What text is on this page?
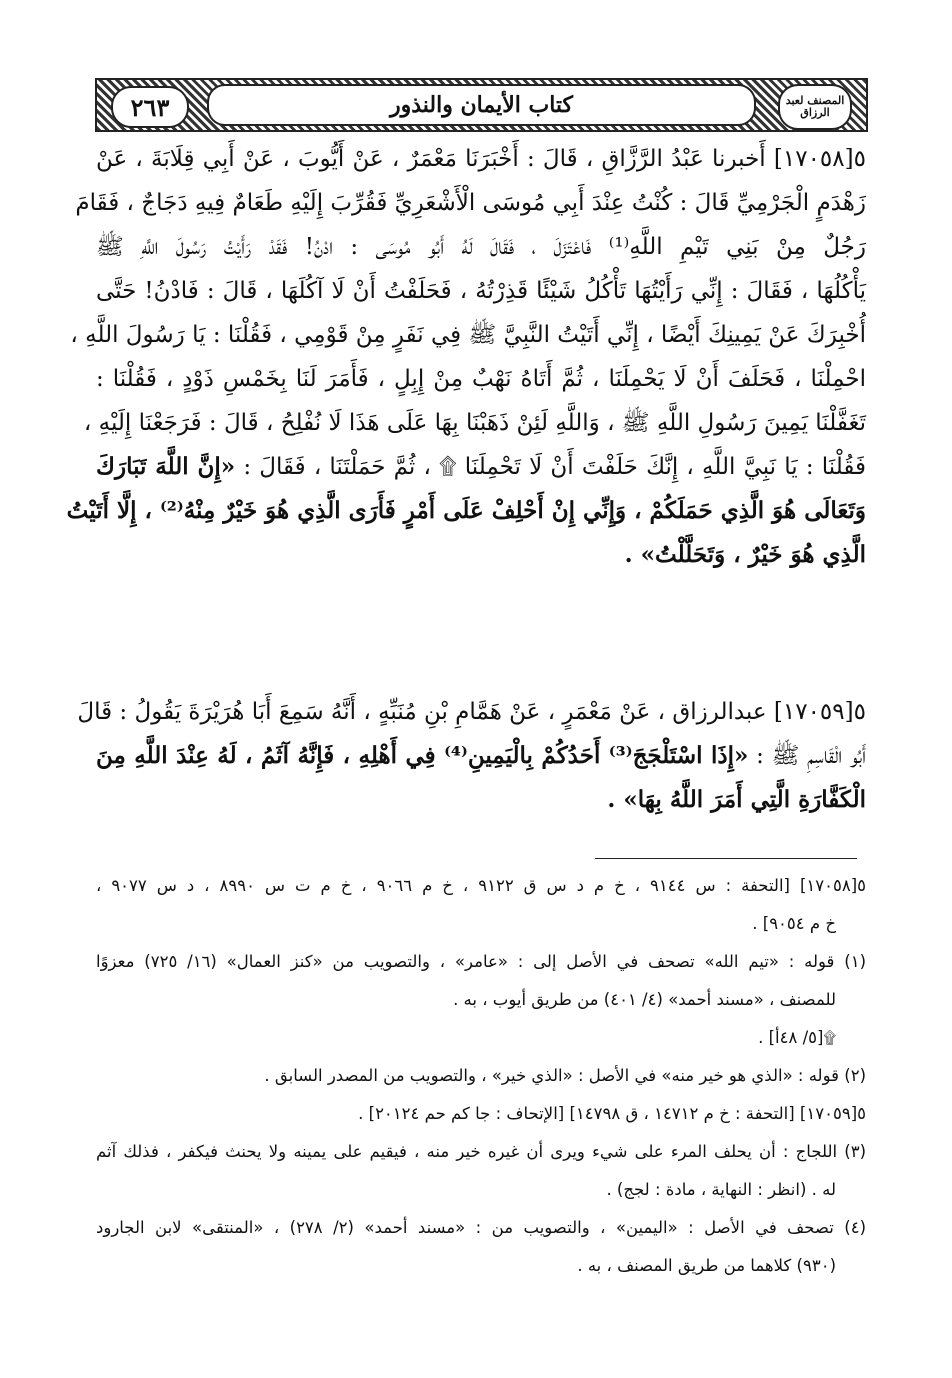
٢٦٣	كتاب الأيمان والنذور	المصنف لعبد الرزاق
٥[١٧٠٥٨] أَخبرنا عَبْدُ الرَّزَّاقِ ، قَالَ : أَخْبَرَنَا مَعْمَرٌ ، عَنْ أَيُّوبَ ، عَنْ أَبِي قِلَابَةَ ، عَنْ
زَهْدَمٍ الْجَرْمِيِّ قَالَ : كُنْتُ عِنْدَ أَبِي مُوسَى الْأَشْعَرِيِّ فَقُرِّبَ إِلَيْهِ طَعَامٌ فِيهِ دَجَاجٌ ، فَقَامَ
رَجُلٌ مِنْ بَنِي تَيْمِ اللَّهِ⁽¹⁾ فَاعْتَزَلَ ، فَقَالَ لَهُ أَبُو مُوسَى : ادْنُ! فَقَدْ رَأَيْتُ رَسُولَ اللَّهِ ﷺ
يَأْكُلُهَا ، فَقَالَ : إِنِّي رَأَيْتُهَا تَأْكُلُ شَيْئًا قَذِرْتُهُ ، فَحَلَفْتُ أَنْ لَا آكُلَهَا ، قَالَ : فَادْنُ! حَتَّى
أُخْبِرَكَ عَنْ يَمِينِكَ أَيْضًا ، إِنِّي أَتَيْتُ النَّبِيَّ ﷺ فِي نَفَرٍ مِنْ قَوْمِي ، فَقُلْنَا : يَا رَسُولَ اللَّهِ ،
احْمِلْنَا ، فَحَلَفَ أَنْ لَا يَحْمِلَنَا ، ثُمَّ أَتَاهُ نَهْبٌ مِنْ إِبِلٍ ، فَأَمَرَ لَنَا بِخَمْسِ ذَوْدٍ ، فَقُلْنَا :
تَغَفَّلْنَا يَمِينَ رَسُولِ اللَّهِ ﷺ ، وَاللَّهِ لَئِنْ ذَهَبْنَا بِهَا عَلَى هَذَا لَا نُفْلِحُ ، قَالَ : فَرَجَعْنَا إِلَيْهِ ،
فَقُلْنَا : يَا نَبِيَّ اللَّهِ ، إِنَّكَ حَلَفْتَ أَنْ لَا تَحْمِلَنَا ۩ ، ثُمَّ حَمَلْتَنَا ، فَقَالَ : «إِنَّ اللَّهَ تَبَارَكَ
وَتَعَالَى هُوَ الَّذِي حَمَلَكُمْ ، وَإِنِّي إِنْ أَحْلِفْ عَلَى أَمْرٍ فَأَرَى الَّذِي هُوَ خَيْرٌ مِنْهُ⁽²⁾ ، إِلَّا أَتَيْتُ
الَّذِي هُوَ خَيْرٌ ، وَتَحَلَّلْتُ» .
٥[١٧٠٥٩] عبدالرزاق ، عَنْ مَعْمَرٍ ، عَنْ هَمَّامِ بْنِ مُنَبِّهٍ ، أَنَّهُ سَمِعَ أَبَا هُرَيْرَةَ يَقُولُ : قَالَ
أَبُو الْقَاسِمِ ﷺ : «إِذَا اسْتَلْجَجَ⁽³⁾ أَحَدُكُمْ بِالْيَمِينِ⁽⁴⁾ فِي أَهْلِهِ ، فَإِنَّهُ آثَمُ ، لَهُ عِنْدَ اللَّهِ مِنَ
الْكَفَّارَةِ الَّتِي أَمَرَ اللَّهُ بِهَا» .
٥[١٧٠٥٨] [التحفة : س ٩١٤٤ ، خ م د س ق ٩١٢٢ ، خ م ٩٠٦٦ ، خ م ت س ٨٩٩٠ ، د س ٩٠٧٧ ،
خ م ٩٠٥٤] .
(١) قوله : «تيم الله» تصحف في الأصل إلى : «عامر» ، والتصويب من «كنز العمال» (١٦/ ٧٢٥) معزوًا
للمصنف ، «مسند أحمد» (٤/ ٤٠١) من طريق أيوب ، به .
۩[٥/ ٤٨أ] .
(٢) قوله : «الذي هو خير منه» في الأصل : «الذي خير» ، والتصويب من المصدر السابق .
٥[١٧٠٥٩] [التحفة : خ م ١٤٧١٢ ، ق ١٤٧٩٨] [الإتحاف : جا كم حم ٢٠١٢٤] .
(٣) اللجاج : أن يحلف المرء على شيء ويرى أن غيره خير منه ، فيقيم على يمينه ولا يحنث فيكفر ، فذلك آثم
له . (انظر : النهاية ، مادة : لجج) .
(٤) تصحف في الأصل : «اليمين» ، والتصويب من : «مسند أحمد» (٢/ ٢٧٨) ، «المنتقى» لابن الجارود
(٩٣٠) كلاهما من طريق المصنف ، به .
